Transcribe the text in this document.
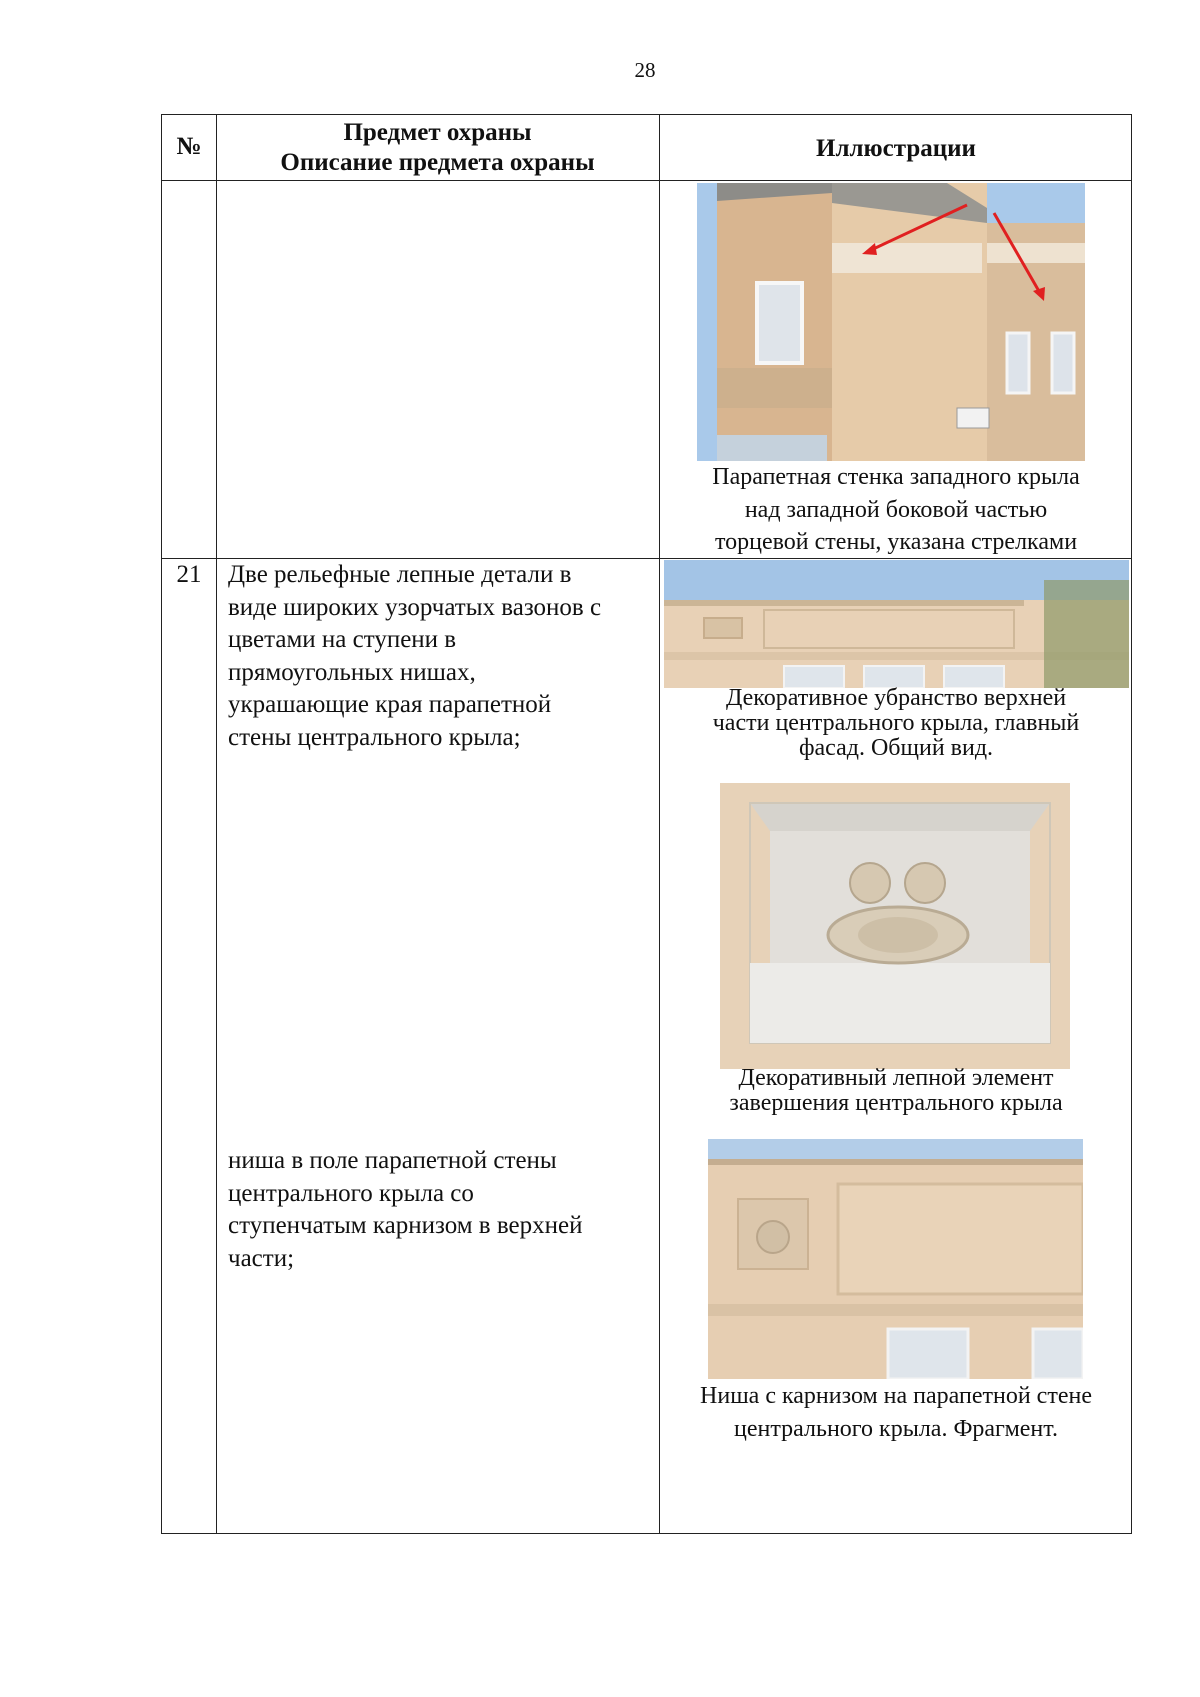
28
№
Предмет охраны
Описание предмета охраны
Иллюстрации
Парапетная стенка западного крыла
над западной боковой частью
торцевой стены, указана стрелками
21	Две рельефные лепные детали в
виде широких узорчатых вазонов с
цветами на ступени в
прямоугольных нишах,
украшающие края парапетной
стены центрального крыла;
ниша в поле парапетной стены
центрального крыла со
ступенчатым карнизом в верхней
части;
Декоративное убранство верхней
части центрального крыла, главный
фасад. Общий вид.
Декоративный лепной элемент
завершения центрального крыла
Ниша с карнизом на парапетной стене
центрального крыла. Фрагмент.
